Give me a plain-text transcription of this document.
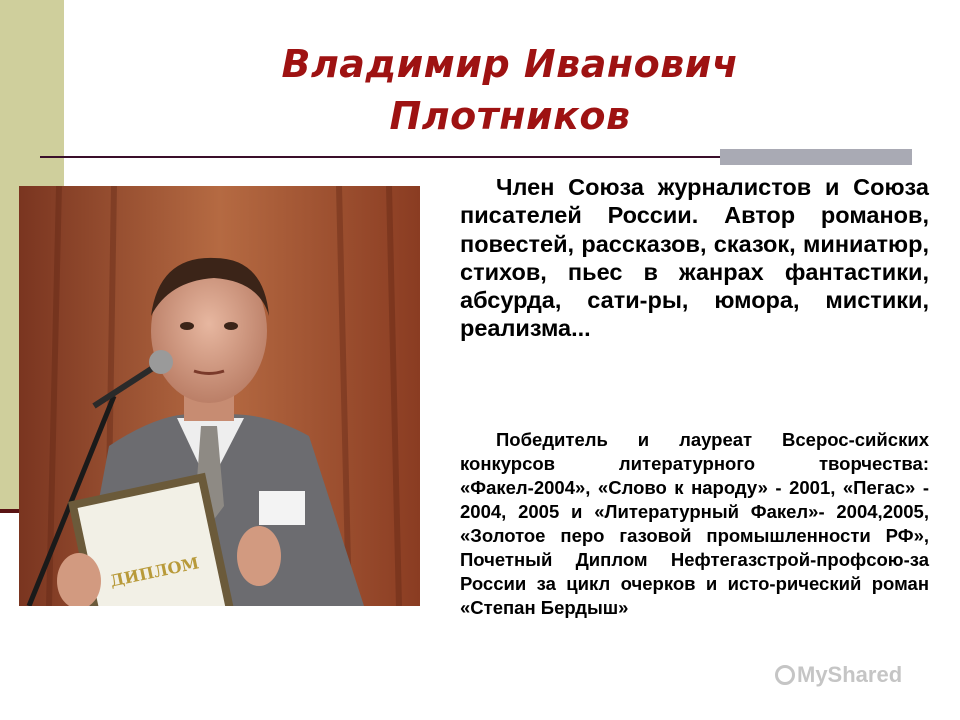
Владимир Иванович
Плотников
ДИПЛОМ

Член Союза журналистов и Союза писателей России. Автор романов, повестей, рассказов, сказок, миниатюр, стихов, пьес в жанрах фантастики, абсурда, сати-ры, юмора, мистики, реализма...

Победитель и лауреат Всерос-сийских конкурсов литературного творчества: «Факел-2004», «Слово к народу» - 2001, «Пегас» - 2004, 2005 и «Литературный Факел»- 2004,2005, «Золотое перо газовой промышленности РФ», Почетный Диплом Нефтегазстрой-профсою-за России за цикл очерков и исто-рический роман «Степан Бердыш»

MyShared
